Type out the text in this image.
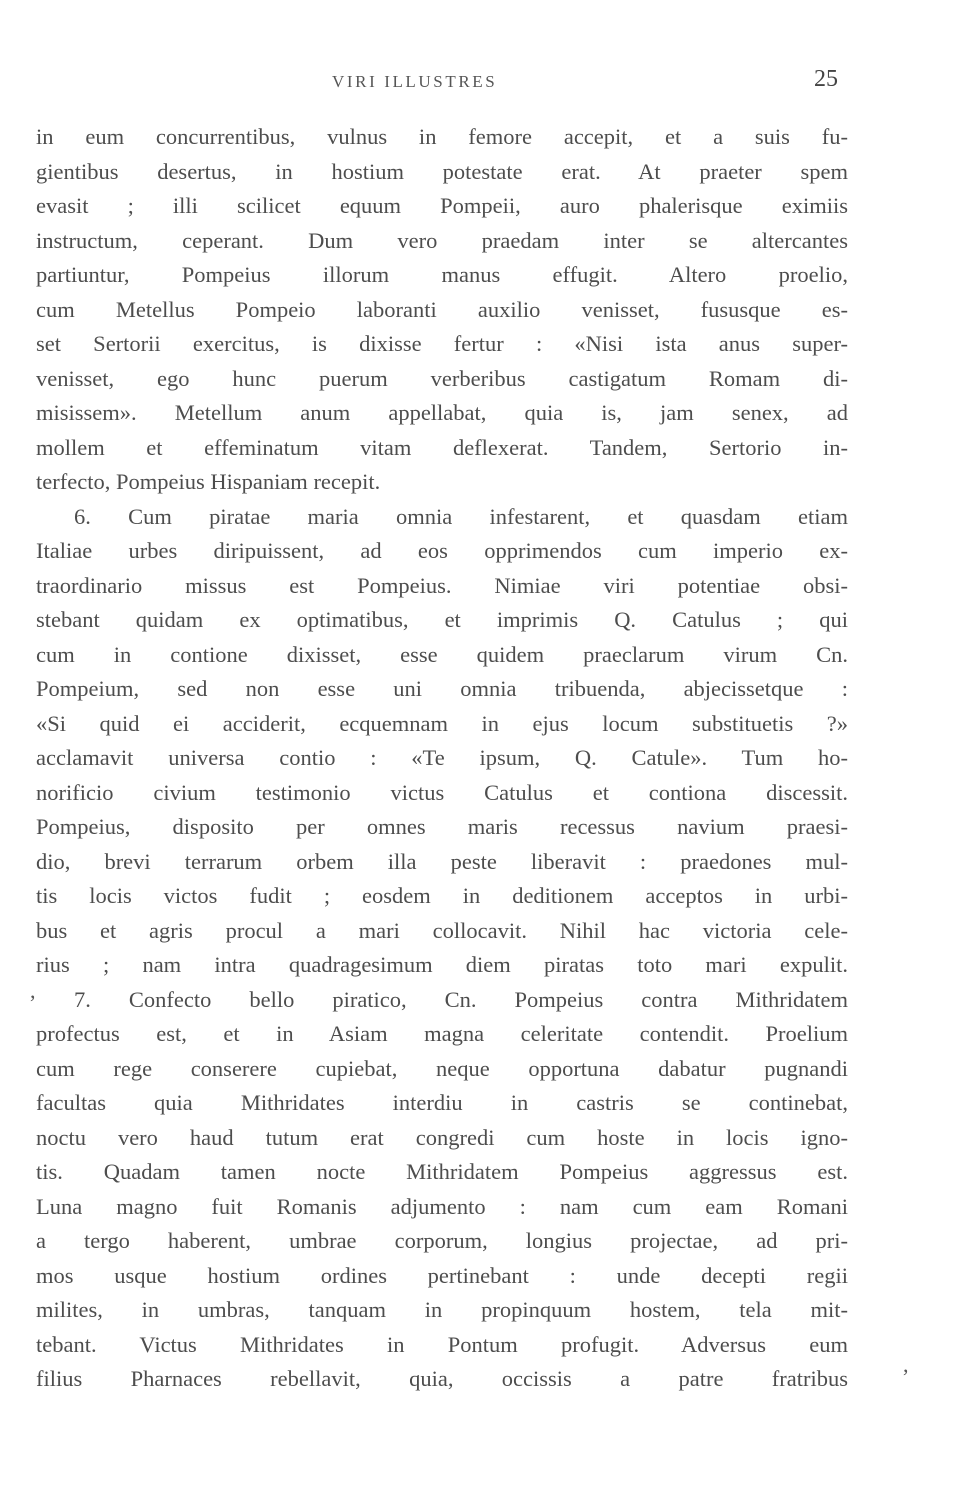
VIRI ILLUSTRES	25
in eum concurrentibus, vulnus in femore accepit, et a suis fu-
gientibus desertus, in hostium potestate erat. At praeter spem
evasit ; illi scilicet equum Pompeii, auro phalerisque eximiis
instructum, ceperant. Dum vero praedam inter se altercantes
partiuntur, Pompeius illorum manus effugit. Altero proelio,
cum Metellus Pompeio laboranti auxilio venisset, fususque es-
set Sertorii exercitus, is dixisse fertur : «Nisi ista anus super-
venisset, ego hunc puerum verberibus castigatum Romam di-
misissem». Metellum anum appellabat, quia is, jam senex, ad
mollem et effeminatum vitam deflexerat. Tandem, Sertorio in-
terfecto, Pompeius Hispaniam recepit.
6. Cum piratae maria omnia infestarent, et quasdam etiam
Italiae urbes diripuissent, ad eos opprimendos cum imperio ex-
traordinario missus est Pompeius. Nimiae viri potentiae obsi-
stebant quidam ex optimatibus, et imprimis Q. Catulus ; qui
cum in contione dixisset, esse quidem praeclarum virum Cn.
Pompeium, sed non esse uni omnia tribuenda, abjecissetque :
«Si quid ei acciderit, ecquemnam in ejus locum substituetis ?»
acclamavit universa contio : «Te ipsum, Q. Catule». Tum ho-
norificio civium testimonio victus Catulus et contiona discessit.
Pompeius, disposito per omnes maris recessus navium praesi-
dio, brevi terrarum orbem illa peste liberavit : praedones mul-
tis locis victos fudit ; eosdem in deditionem acceptos in urbi-
bus et agris procul a mari collocavit. Nihil hac victoria cele-
rius ; nam intra quadragesimum diem piratas toto mari expulit.
7. Confecto bello piratico, Cn. Pompeius contra Mithridatem
profectus est, et in Asiam magna celeritate contendit. Proelium
cum rege conserere cupiebat, neque opportuna dabatur pugnandi
facultas quia Mithridates interdiu in castris se continebat,
noctu vero haud tutum erat congredi cum hoste in locis igno-
tis. Quadam tamen nocte Mithridatem Pompeius aggressus est.
Luna magno fuit Romanis adjumento : nam cum eam Romani
a tergo haberent, umbrae corporum, longius projectae, ad pri-
mos usque hostium ordines pertinebant : unde decepti regii
milites, in umbras, tanquam in propinquum hostem, tela mit-
tebant. Victus Mithridates in Pontum profugit. Adversus eum
filius Pharnaces rebellavit, quia, occissis a patre fratribus
,
,
